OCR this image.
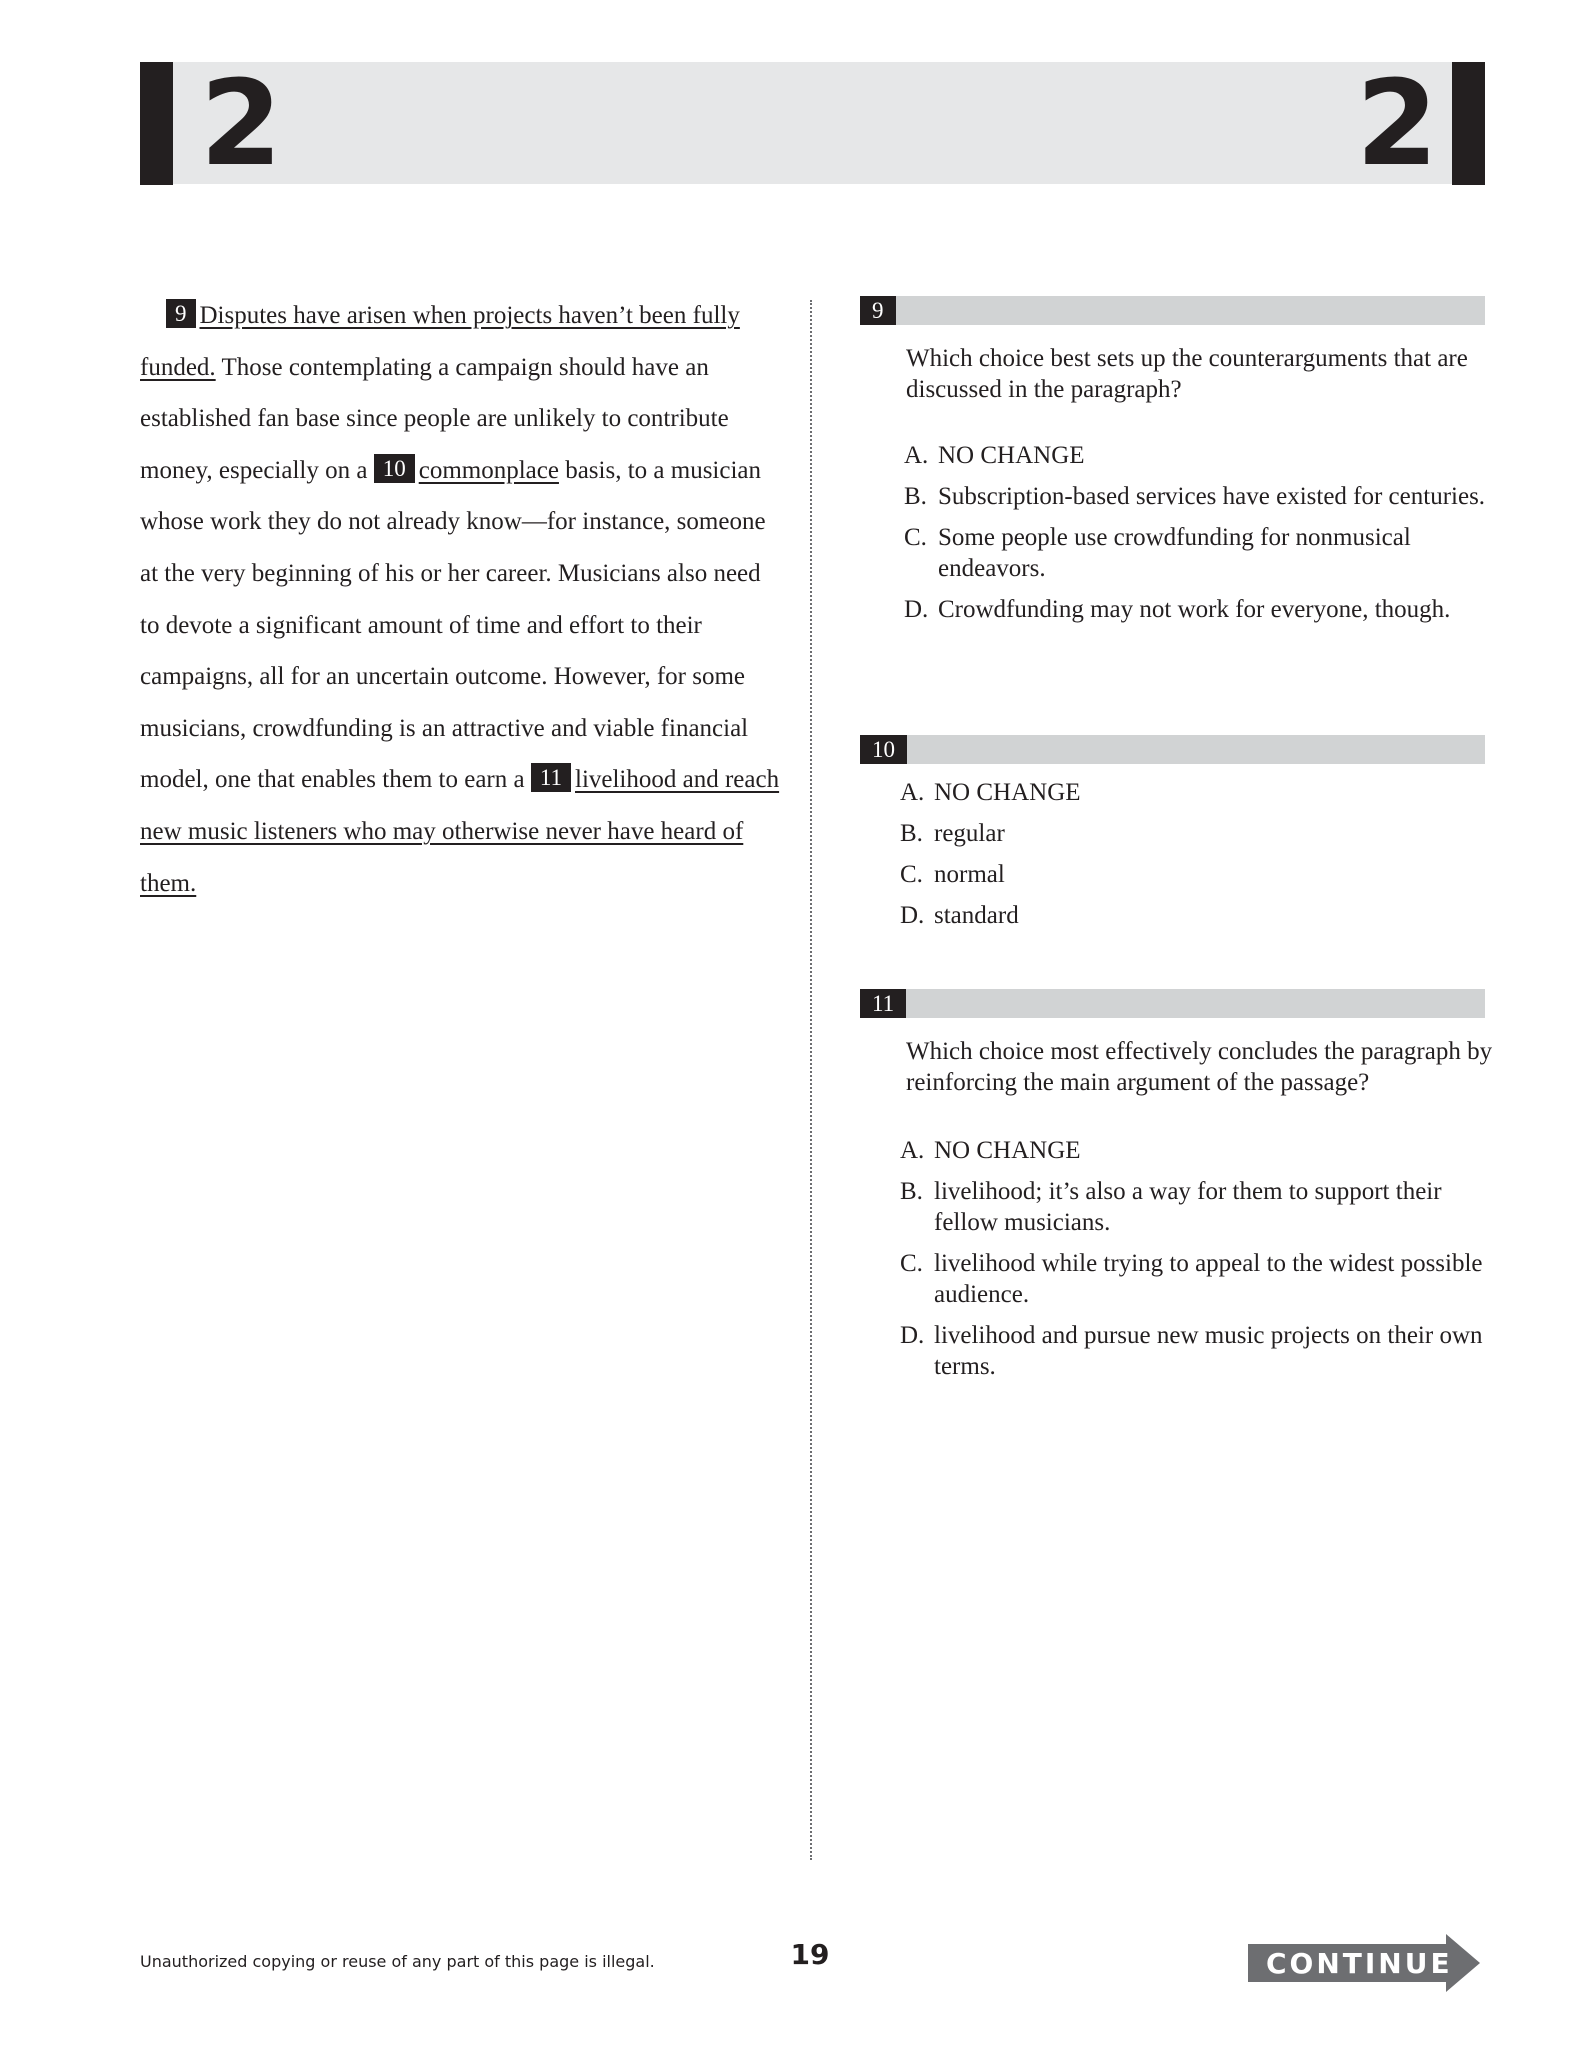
2	2

9 Disputes have arisen when projects haven’t been fully funded. Those contemplating a campaign should have an established fan base since people are unlikely to contribute money, especially on a 10 commonplace basis, to a musician whose work they do not already know—for instance, someone at the very beginning of his or her career. Musicians also need to devote a significant amount of time and effort to their campaigns, all for an uncertain outcome. However, for some musicians, crowdfunding is an attractive and viable financial model, one that enables them to earn a 11 livelihood and reach new music listeners who may otherwise never have heard of them.

9
Which choice best sets up the counterarguments that are discussed in the paragraph?
A. NO CHANGE
B. Subscription-based services have existed for centuries.
C. Some people use crowdfunding for nonmusical endeavors.
D. Crowdfunding may not work for everyone, though.
10
A. NO CHANGE
B. regular
C. normal
D. standard
11
Which choice most effectively concludes the paragraph by reinforcing the main argument of the passage?
A. NO CHANGE
B. livelihood; it’s also a way for them to support their fellow musicians.
C. livelihood while trying to appeal to the widest possible audience.
D. livelihood and pursue new music projects on their own terms.
Unauthorized copying or reuse of any part of this page is illegal.	19	CONTINUE
